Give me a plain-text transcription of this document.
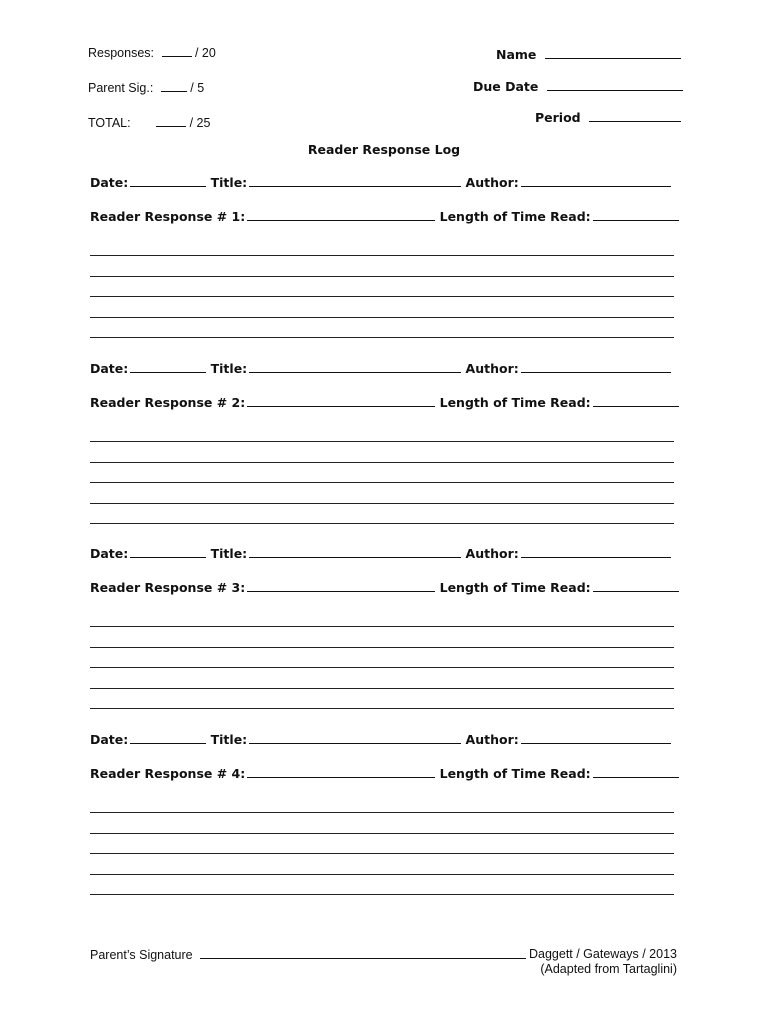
Responses:	/ 20
Parent Sig.:	/ 5
TOTAL:	/ 25
Name
Due Date
Period
Reader Response Log
Date:	Title:	Author:
Reader Response # 1:	Length of Time Read:
Date:	Title:	Author:
Reader Response # 2:	Length of Time Read:
Date:	Title:	Author:
Reader Response # 3:	Length of Time Read:
Date:	Title:	Author:
Reader Response # 4:	Length of Time Read:
Parent’s Signature	Daggett / Gateways / 2013
(Adapted from Tartaglini)
